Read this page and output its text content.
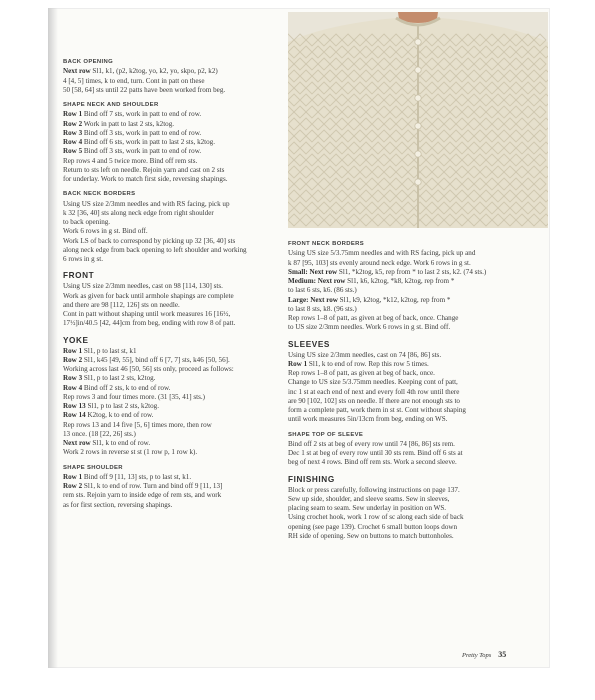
BACK OPENING
Next row Sl1, k1, (p2, k2tog, yo, k2, yo, skpo, p2, k2)
4 [4, 5] times, k to end, turn. Cont in patt on these
50 [58, 64] sts until 22 patts have been worked from beg.
SHAPE NECK AND SHOULDER
Row 1 Bind off 7 sts, work in patt to end of row.
Row 2 Work in patt to last 2 sts, k2tog.
Row 3 Bind off 3 sts, work in patt to end of row.
Row 4 Bind off 6 sts, work in patt to last 2 sts, k2tog.
Row 5 Bind off 3 sts, work in patt to end of row.
Rep rows 4 and 5 twice more. Bind off rem sts.
Return to sts left on needle. Rejoin yarn and cast on 2 sts
for underlay. Work to match first side, reversing shapings.
BACK NECK BORDERS
Using US size 2/3mm needles and with RS facing, pick up
k 32 [36, 40] sts along neck edge from right shoulder
to back opening.
Work 6 rows in g st. Bind off.
Work LS of back to correspond by picking up 32 [36, 40] sts
along neck edge from back opening to left shoulder and working
6 rows in g st.
FRONT
Using US size 2/3mm needles, cast on 98 [114, 130] sts.
Work as given for back until armhole shapings are complete
and there are 98 [112, 126] sts on needle.
Cont in patt without shaping until work measures 16 [16½,
17½]in/40.5 [42, 44]cm from beg, ending with row 8 of patt.
YOKE
Row 1 Sl1, p to last st, k1
Row 2 Sl1, k45 [49, 55], bind off 6 [7, 7] sts, k46 [50, 56].
Working across last 46 [50, 56] sts only, proceed as follows:
Row 3 Sl1, p to last 2 sts, k2tog.
Row 4 Bind off 2 sts, k to end of row.
Rep rows 3 and four times more. (31 [35, 41] sts.)
Row 13 Sl1, p to last 2 sts, k2tog.
Row 14 K2tog, k to end of row.
Rep rows 13 and 14 five [5, 6] times more, then row
13 once. (18 [22, 26] sts.)
Next row Sl1, k to end of row.
Work 2 rows in reverse st st (1 row p, 1 row k).
SHAPE SHOULDER
Row 1 Bind off 9 [11, 13] sts, p to last st, k1.
Row 2 Sl1, k to end of row. Turn and bind off 9 [11, 13]
rem sts. Rejoin yarn to inside edge of rem sts, and work
as for first section, reversing shapings.
FRONT NECK BORDERS
Using US size 5/3.75mm needles and with RS facing, pick up and
k 87 [95, 103] sts evenly around neck edge. Work 6 rows in g st.
Small: Next row Sl1, *k2tog, k5, rep from * to last 2 sts, k2. (74 sts.)
Medium: Next row Sl1, k6, k2tog, *k8, k2tog, rep from *
to last 6 sts, k6. (86 sts.)
Large: Next row Sl1, k9, k2tog, *k12, k2tog, rep from *
to last 8 sts, k8. (96 sts.)
Rep rows 1–8 of patt, as given at beg of back, once. Change
to US size 2/3mm needles. Work 6 rows in g st. Bind off.
SLEEVES
Using US size 2/3mm needles, cast on 74 [86, 86] sts.
Row 1 Sl1, k to end of row. Rep this row 5 times.
Rep rows 1–8 of patt, as given at beg of back, once.
Change to US size 5/3.75mm needles. Keeping cont of patt,
inc 1 st at each end of next and every foll 4th row until there
are 90 [102, 102] sts on needle. If there are not enough sts to
form a complete patt, work them in st st. Cont without shaping
until work measures 5in/13cm from beg, ending on WS.
SHAPE TOP OF SLEEVE
Bind off 2 sts at beg of every row until 74 [86, 86] sts rem.
Dec 1 st at beg of every row until 30 sts rem. Bind off 6 sts at
beg of next 4 rows. Bind off rem sts. Work a second sleeve.
FINISHING
Block or press carefully, following instructions on page 137.
Sew up side, shoulder, and sleeve seams. Sew in sleeves,
placing seam to seam. Sew underlay in position on WS.
Using crochet hook, work 1 row of sc along each side of back
opening (see page 139). Crochet 6 small button loops down
RH side of opening. Sew on buttons to match buttonholes.
Pretty Tops 35
